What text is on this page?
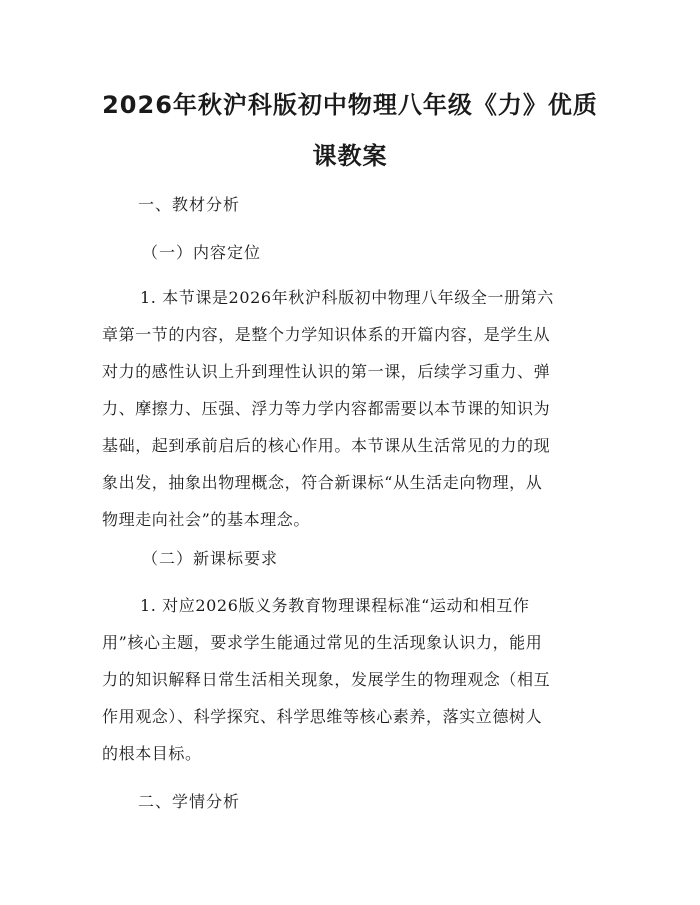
2026年秋沪科版初中物理八年级《力》优质
课教案

一、教材分析

（一）内容定位

1. 本节课是2026年秋沪科版初中物理八年级全一册第六
章第一节的内容，是整个力学知识体系的开篇内容，是学生从
对力的感性认识上升到理性认识的第一课，后续学习重力、弹
力、摩擦力、压强、浮力等力学内容都需要以本节课的知识为
基础，起到承前启后的核心作用。本节课从生活常见的力的现
象出发，抽象出物理概念，符合新课标“从生活走向物理，从
物理走向社会”的基本理念。

（二）新课标要求

1. 对应2026版义务教育物理课程标准“运动和相互作
用”核心主题，要求学生能通过常见的生活现象认识力，能用
力的知识解释日常生活相关现象，发展学生的物理观念（相互
作用观念）、科学探究、科学思维等核心素养，落实立德树人
的根本目标。

二、学情分析
